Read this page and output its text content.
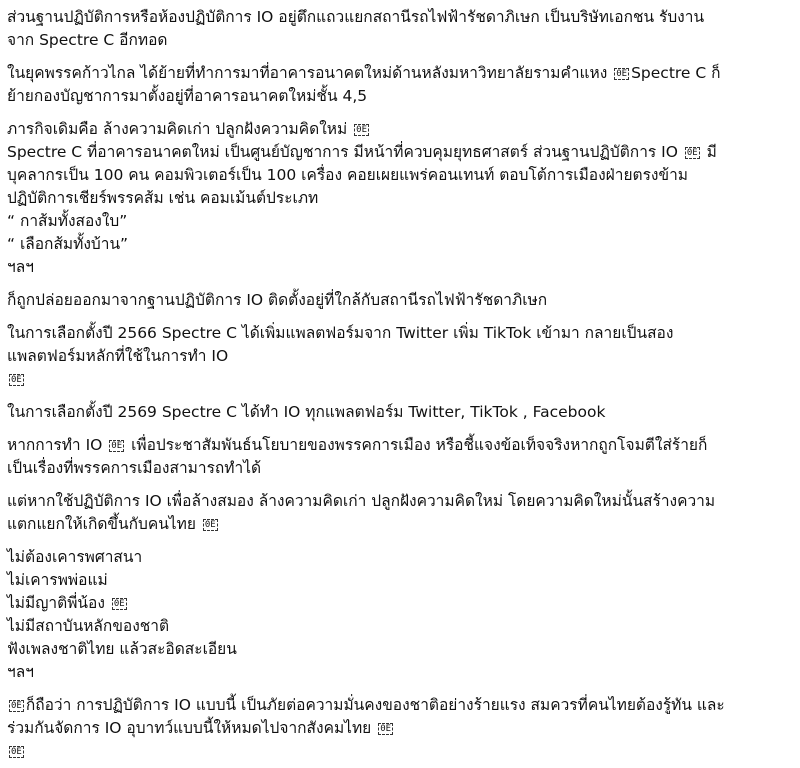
ส่วนฐานปฏิบัติการหรือห้องปฏิบัติการ IO อยู่ตึกแถวแยกสถานีรถไฟฟ้ารัชดาภิเษก เป็นบริษัทเอกชน รับงาน
จาก Spectre C อีกทอด

ในยุคพรรคก้าวไกล ได้ย้ายที่ทำการมาที่อาคารอนาคตใหม่ด้านหลังมหาวิทยาลัยรามคำแหง 0E Spectre C ก็
ย้ายกองบัญชาการมาตั้งอยู่ที่อาคารอนาคตใหม่ชั้น 4,5

ภารกิจเดิมคือ ล้างความคิดเก่า ปลูกฝังความคิดใหม่ 0E
Spectre C ที่อาคารอนาคตใหม่ เป็นศูนย์บัญชาการ มีหน้าที่ควบคุมยุทธศาสตร์ ส่วนฐานปฏิบัติการ IO 0E มี
บุคลากรเป็น 100 คน คอมพิวเตอร์เป็น 100 เครื่อง คอยเผยแพร่คอนเทนท์ ตอบโต้การเมืองฝ่ายตรงข้าม
ปฏิบัติการเชียร์พรรคส้ม เช่น คอมเม้นต์ประเภท
“ กาส้มทั้งสองใบ”
“ เลือกส้มทั้งบ้าน”
ฯลฯ

ก็ถูกปล่อยออกมาจากฐานปฏิบัติการ IO ติดตั้งอยู่ที่ใกล้กับสถานีรถไฟฟ้ารัชดาภิเษก

ในการเลือกตั้งปี 2566 Spectre C ได้เพิ่มแพลตฟอร์มจาก Twitter เพิ่ม TikTok เข้ามา กลายเป็นสอง
แพลตฟอร์มหลักที่ใช้ในการทำ IO
0E

ในการเลือกตั้งปี 2569 Spectre C ได้ทำ IO ทุกแพลตฟอร์ม Twitter, TikTok , Facebook

หากการทำ IO 0E เพื่อประชาสัมพันธ์นโยบายของพรรคการเมือง หรือชี้แจงข้อเท็จจริงหากถูกโจมตีใส่ร้ายก็
เป็นเรื่องที่พรรคการเมืองสามารถทำได้

แต่หากใช้ปฏิบัติการ IO เพื่อล้างสมอง ล้างความคิดเก่า ปลูกฝังความคิดใหม่ โดยความคิดใหม่นั้นสร้างความ
แตกแยกให้เกิดขึ้นกับคนไทย 0E

ไม่ต้องเคารพศาสนา
ไม่เคารพพ่อแม่
ไม่มีญาติพี่น้อง 0E
ไม่มีสถาบันหลักของชาติ
ฟังเพลงชาติไทย แล้วสะอิดสะเอียน
ฯลฯ

0E ก็ถือว่า การปฏิบัติการ IO แบบนี้ เป็นภัยต่อความมั่นคงของชาติอย่างร้ายแรง สมควรที่คนไทยต้องรู้ทัน และ
ร่วมกันจัดการ IO อุบาทว์แบบนี้ให้หมดไปจากสังคมไทย 0E
0E
